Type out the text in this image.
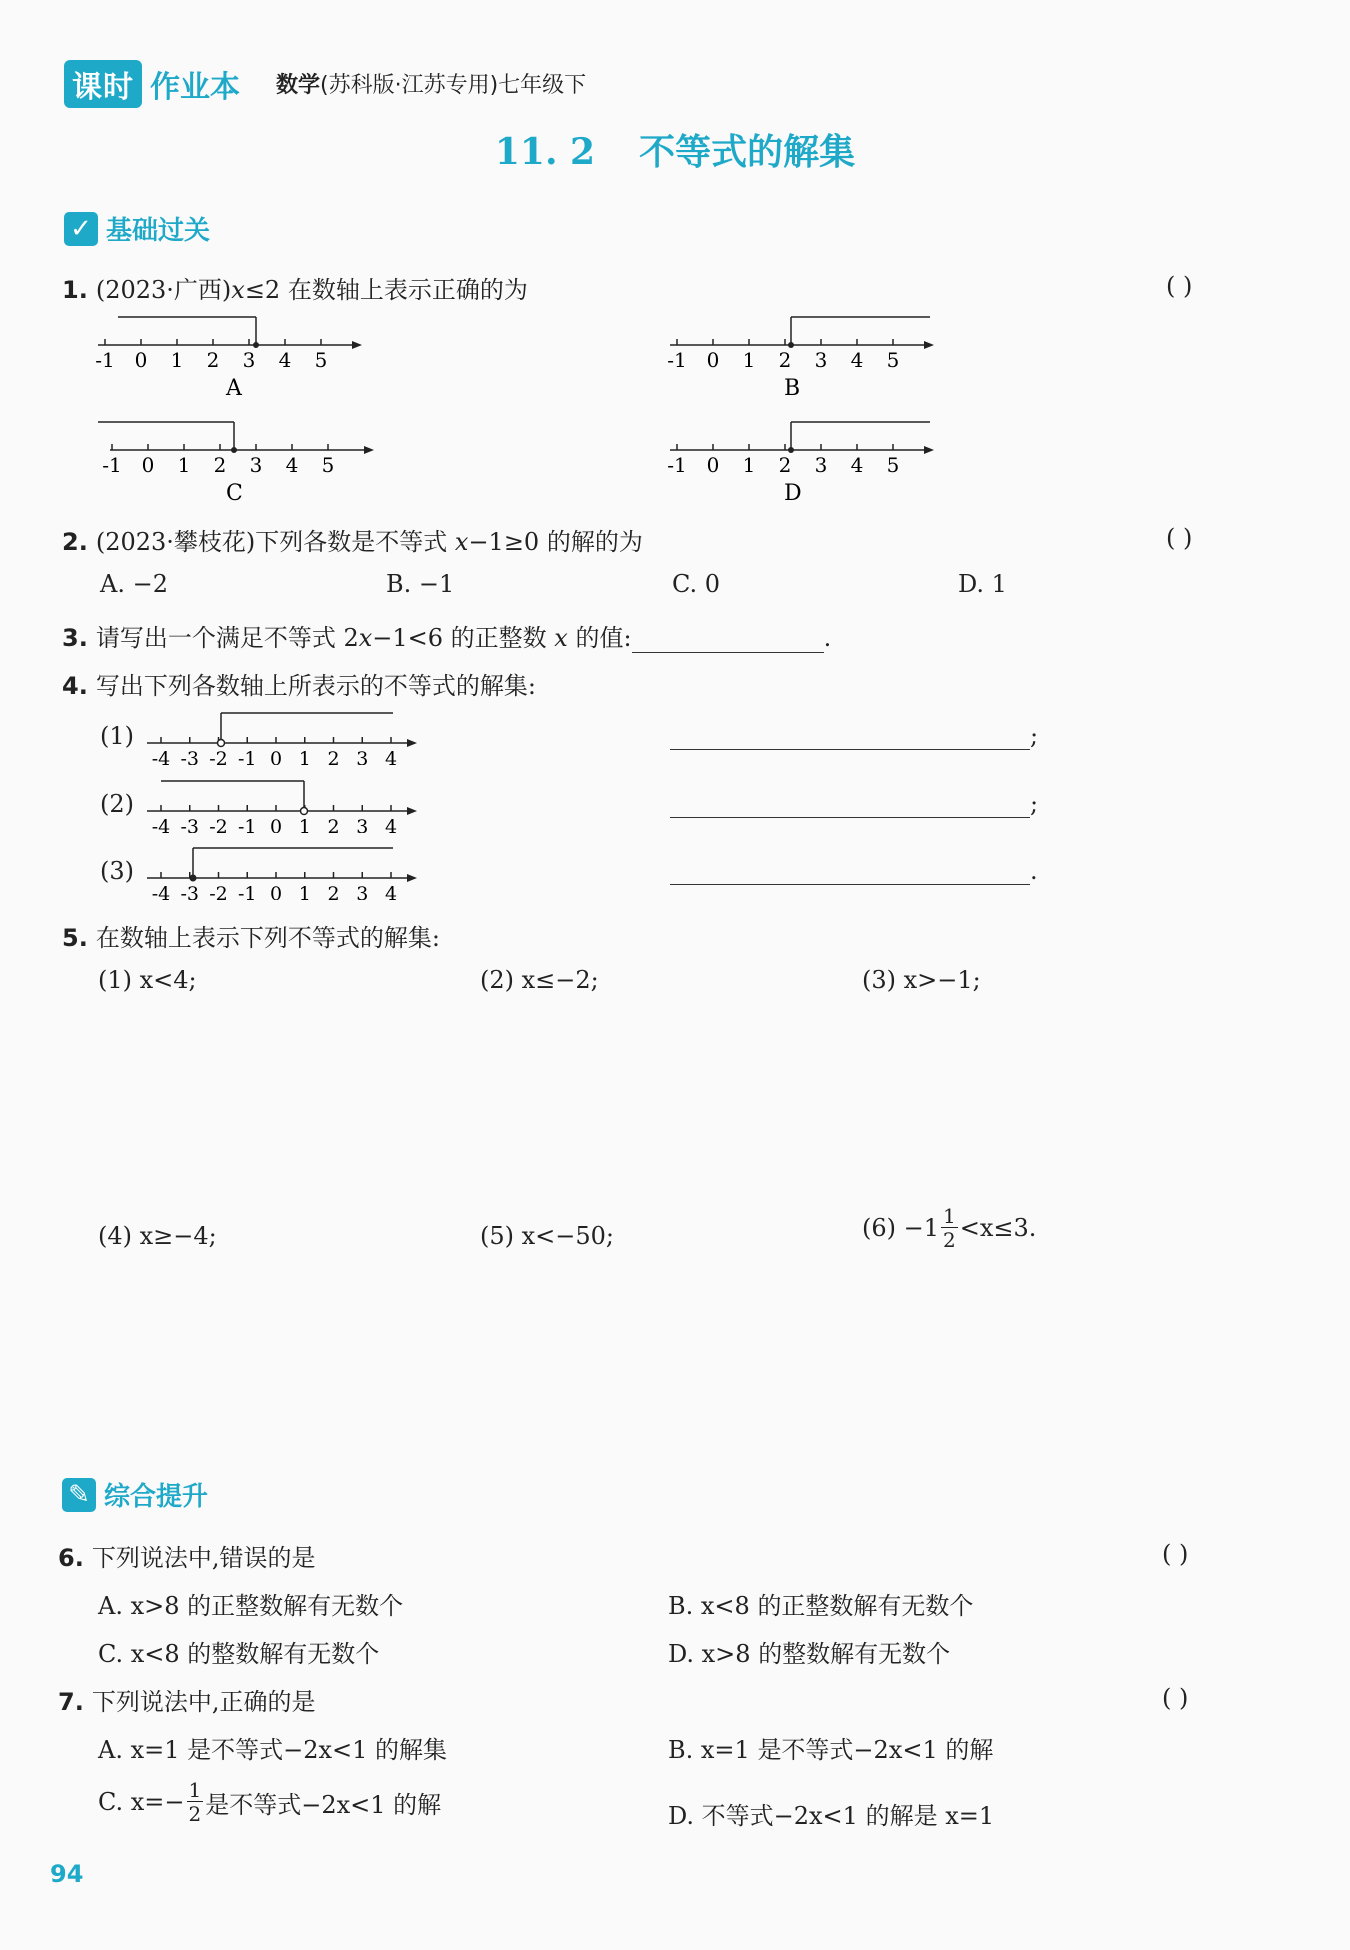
课时 作业本 数学(苏科版·江苏专用)七年级下
11. 2 不等式的解集
✓ 基础过关
1. (2023·广西)x≤2 在数轴上表示正确的为	( )
-1 0 1 2 3 4 5
A
-1 0 1 2 3 4 5
B
-1 0 1 2 3 4 5
C
-1 0 1 2 3 4 5
D
2. (2023·攀枝花)下列各数是不等式 x−1≥0 的解的为	( )
A. −2	B. −1	C. 0	D. 1
3. 请写出一个满足不等式 2x−1<6 的正整数 x 的值:	.
4. 写出下列各数轴上所表示的不等式的解集:
(1)
-4 -3 -2 -1 0 1 2 3 4
;
(2)
-4 -3 -2 -1 0 1 2 3 4
;
(3)
-4 -3 -2 -1 0 1 2 3 4
.
5. 在数轴上表示下列不等式的解集:
(1) x<4;	(2) x≤−2;	(3) x>−1;
(4) x≥−4;	(5) x<−50;	$(6) -1 \frac{1}{2} <x\le 3$.
✎ 综合提升
6. 下列说法中,错误的是	( )
A. x>8 的正整数解有无数个	B. x<8 的正整数解有无数个
C. x<8 的整数解有无数个	D. x>8 的整数解有无数个
7. 下列说法中,正确的是	( )
A. x=1 是不等式−2x<1 的解集	B. x=1 是不等式−2x<1 的解
C. $x=- \frac{1}{2}$ 是不等式−2x<1 的解	D. 不等式−2x<1 的解是 x=1
94
